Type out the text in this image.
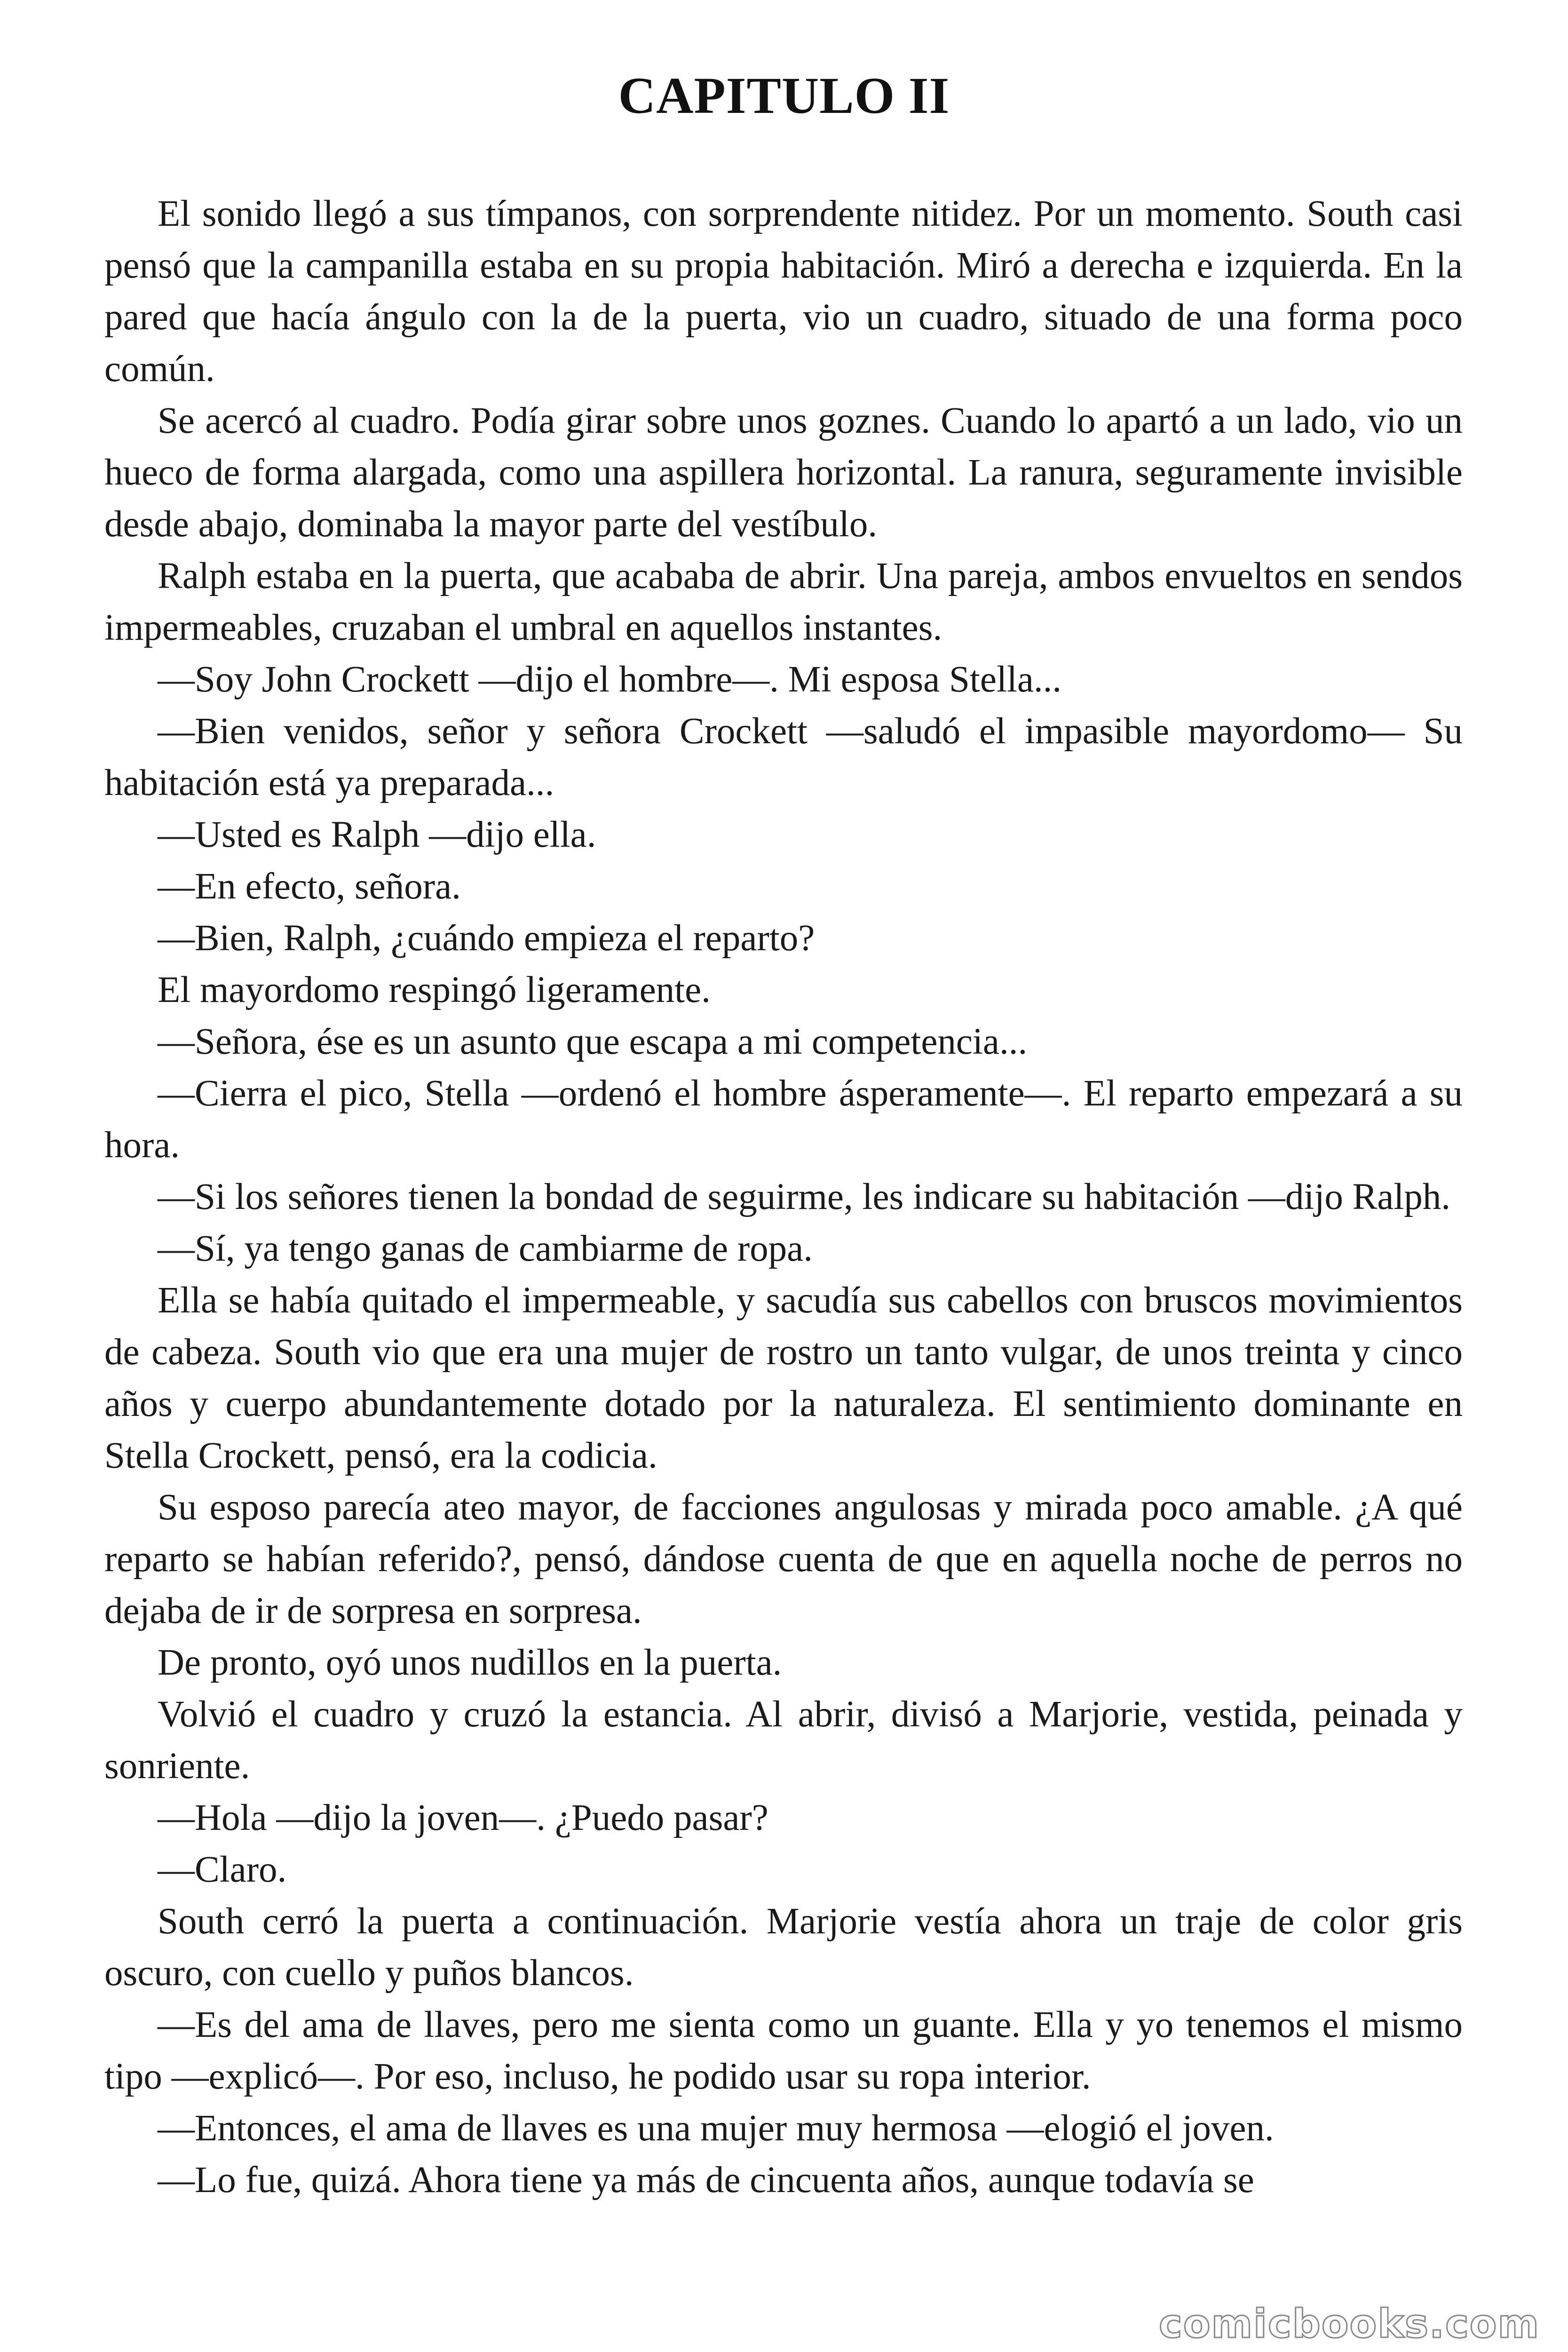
CAPITULO II

El sonido llegó a sus tímpanos, con sorprendente nitidez. Por un momento. South casi pensó que la campanilla estaba en su propia habitación. Miró a derecha e izquierda. En la pared que hacía ángulo con la de la puerta, vio un cuadro, situado de una forma poco común.

Se acercó al cuadro. Podía girar sobre unos goznes. Cuando lo apartó a un lado, vio un hueco de forma alargada, como una aspillera horizontal. La ranura, seguramente invisible desde abajo, dominaba la mayor parte del vestíbulo.

Ralph estaba en la puerta, que acababa de abrir. Una pareja, ambos envueltos en sendos impermeables, cruzaban el umbral en aquellos instantes.

—Soy John Crockett —dijo el hombre—. Mi esposa Stella...

—Bien venidos, señor y señora Crockett —saludó el impasible mayordomo— Su habitación está ya preparada...

—Usted es Ralph —dijo ella.

—En efecto, señora.

—Bien, Ralph, ¿cuándo empieza el reparto?

El mayordomo respingó ligeramente.

—Señora, ése es un asunto que escapa a mi competencia...

—Cierra el pico, Stella —ordenó el hombre ásperamente—. El reparto empezará a su hora.

—Si los señores tienen la bondad de seguirme, les indicare su habitación —dijo Ralph.

—Sí, ya tengo ganas de cambiarme de ropa.

Ella se había quitado el impermeable, y sacudía sus cabellos con bruscos movimientos de cabeza. South vio que era una mujer de rostro un tanto vulgar, de unos treinta y cinco años y cuerpo abundantemente dotado por la naturaleza. El sentimiento dominante en Stella Crockett, pensó, era la codicia.

Su esposo parecía ateo mayor, de facciones angulosas y mirada poco amable. ¿A qué reparto se habían referido?, pensó, dándose cuenta de que en aquella noche de perros no dejaba de ir de sorpresa en sorpresa.

De pronto, oyó unos nudillos en la puerta.

Volvió el cuadro y cruzó la estancia. Al abrir, divisó a Marjorie, vestida, peinada y sonriente.

—Hola —dijo la joven—. ¿Puedo pasar?

—Claro.

South cerró la puerta a continuación. Marjorie vestía ahora un traje de color gris oscuro, con cuello y puños blancos.

—Es del ama de llaves, pero me sienta como un guante. Ella y yo tenemos el mismo tipo —explicó—. Por eso, incluso, he podido usar su ropa interior.

—Entonces, el ama de llaves es una mujer muy hermosa —elogió el joven.

—Lo fue, quizá. Ahora tiene ya más de cincuenta años, aunque todavía se

comicbooks.com
